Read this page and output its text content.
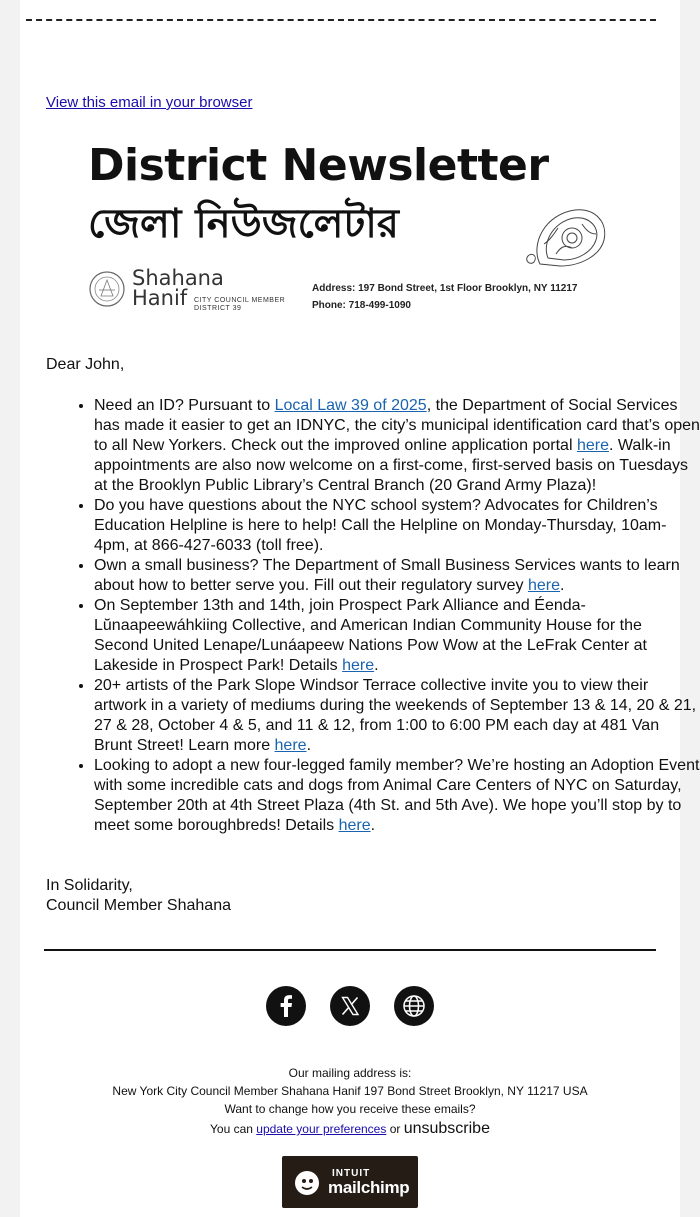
View this email in your browser
District Newsletter
জেলা নিউজলেটার
Shahana
Hanif CITY COUNCIL MEMBER
DISTRICT 39
Address: 197 Bond Street, 1st Floor Brooklyn, NY 11217
Phone: 718-499-1090
Dear John,
• Need an ID? Pursuant to Local Law 39 of 2025, the Department of Social Services has made it easier to get an IDNYC, the city’s municipal identification card that’s open to all New Yorkers. Check out the improved online application portal here. Walk-in appointments are also now welcome on a first-come, first-served basis on Tuesdays at the Brooklyn Public Library’s Central Branch (20 Grand Army Plaza)!
• Do you have questions about the NYC school system? Advocates for Children’s Education Helpline is here to help! Call the Helpline on Monday-Thursday, 10am-4pm, at 866-427-6033 (toll free).
• Own a small business? The Department of Small Business Services wants to learn about how to better serve you. Fill out their regulatory survey here.
• On September 13th and 14th, join Prospect Park Alliance and Éenda-Lŭnaapeewáhkiing Collective, and American Indian Community House for the Second United Lenape/Lunáapeew Nations Pow Wow at the LeFrak Center at Lakeside in Prospect Park! Details here.
• 20+ artists of the Park Slope Windsor Terrace collective invite you to view their artwork in a variety of mediums during the weekends of September 13 & 14, 20 & 21, 27 & 28, October 4 & 5, and 11 & 12, from 1:00 to 6:00 PM each day at 481 Van Brunt Street! Learn more here.
• Looking to adopt a new four-legged family member? We’re hosting an Adoption Event with some incredible cats and dogs from Animal Care Centers of NYC on Saturday, September 20th at 4th Street Plaza (4th St. and 5th Ave). We hope you’ll stop by to meet some boroughbreds! Details here.
In Solidarity,
Council Member Shahana
Our mailing address is:
New York City Council Member Shahana Hanif 197 Bond Street Brooklyn, NY 11217 USA
Want to change how you receive these emails?
You can update your preferences or unsubscribe
INTUIT
mailchimp
